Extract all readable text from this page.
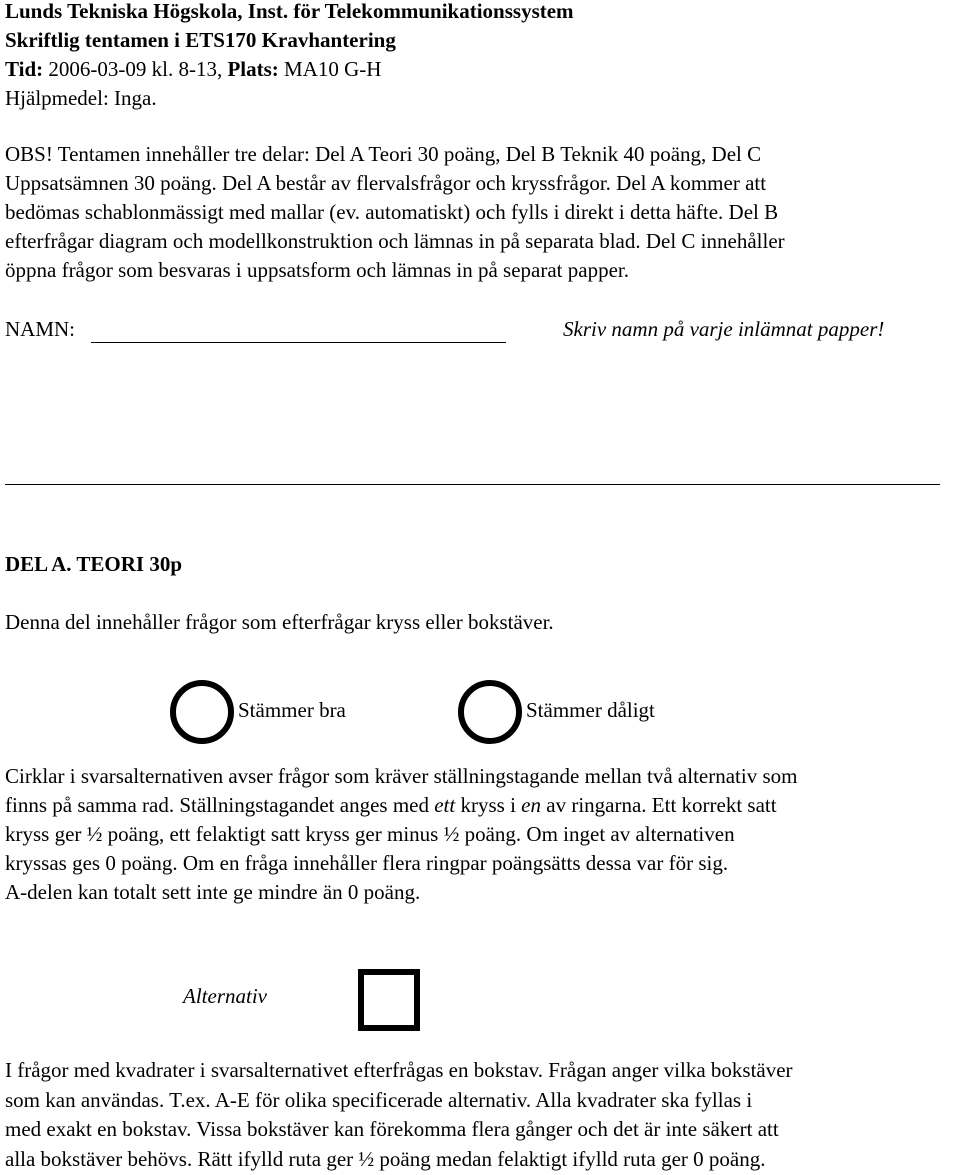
Lunds Tekniska Högskola, Inst. för Telekommunikationssystem
Skriftlig tentamen i ETS170 Kravhantering
Tid: 2006-03-09 kl. 8-13, Plats: MA10 G-H
Hjälpmedel: Inga.
OBS! Tentamen innehåller tre delar: Del A Teori 30 poäng, Del B Teknik 40 poäng, Del C
Uppsatsämnen 30 poäng. Del A består av flervalsfrågor och kryssfrågor. Del A kommer att
bedömas schablonmässigt med mallar (ev. automatiskt) och fylls i direkt i detta häfte. Del B
efterfrågar diagram och modellkonstruktion och lämnas in på separata blad. Del C innehåller
öppna frågor som besvaras i uppsatsform och lämnas in på separat papper.
NAMN:	Skriv namn på varje inlämnat papper!
DEL A. TEORI 30p
Denna del innehåller frågor som efterfrågar kryss eller bokstäver.
Stämmer bra	Stämmer dåligt
Cirklar i svarsalternativen avser frågor som kräver ställningstagande mellan två alternativ som
finns på samma rad. Ställningstagandet anges med ett kryss i en av ringarna. Ett korrekt satt
kryss ger ½ poäng, ett felaktigt satt kryss ger minus ½ poäng. Om inget av alternativen
kryssas ges 0 poäng. Om en fråga innehåller flera ringpar poängsätts dessa var för sig.
A-delen kan totalt sett inte ge mindre än 0 poäng.
Alternativ
I frågor med kvadrater i svarsalternativet efterfrågas en bokstav. Frågan anger vilka bokstäver
som kan användas. T.ex. A-E för olika specificerade alternativ. Alla kvadrater ska fyllas i
med exakt en bokstav. Vissa bokstäver kan förekomma flera gånger och det är inte säkert att
alla bokstäver behövs. Rätt ifylld ruta ger ½ poäng medan felaktigt ifylld ruta ger 0 poäng.
